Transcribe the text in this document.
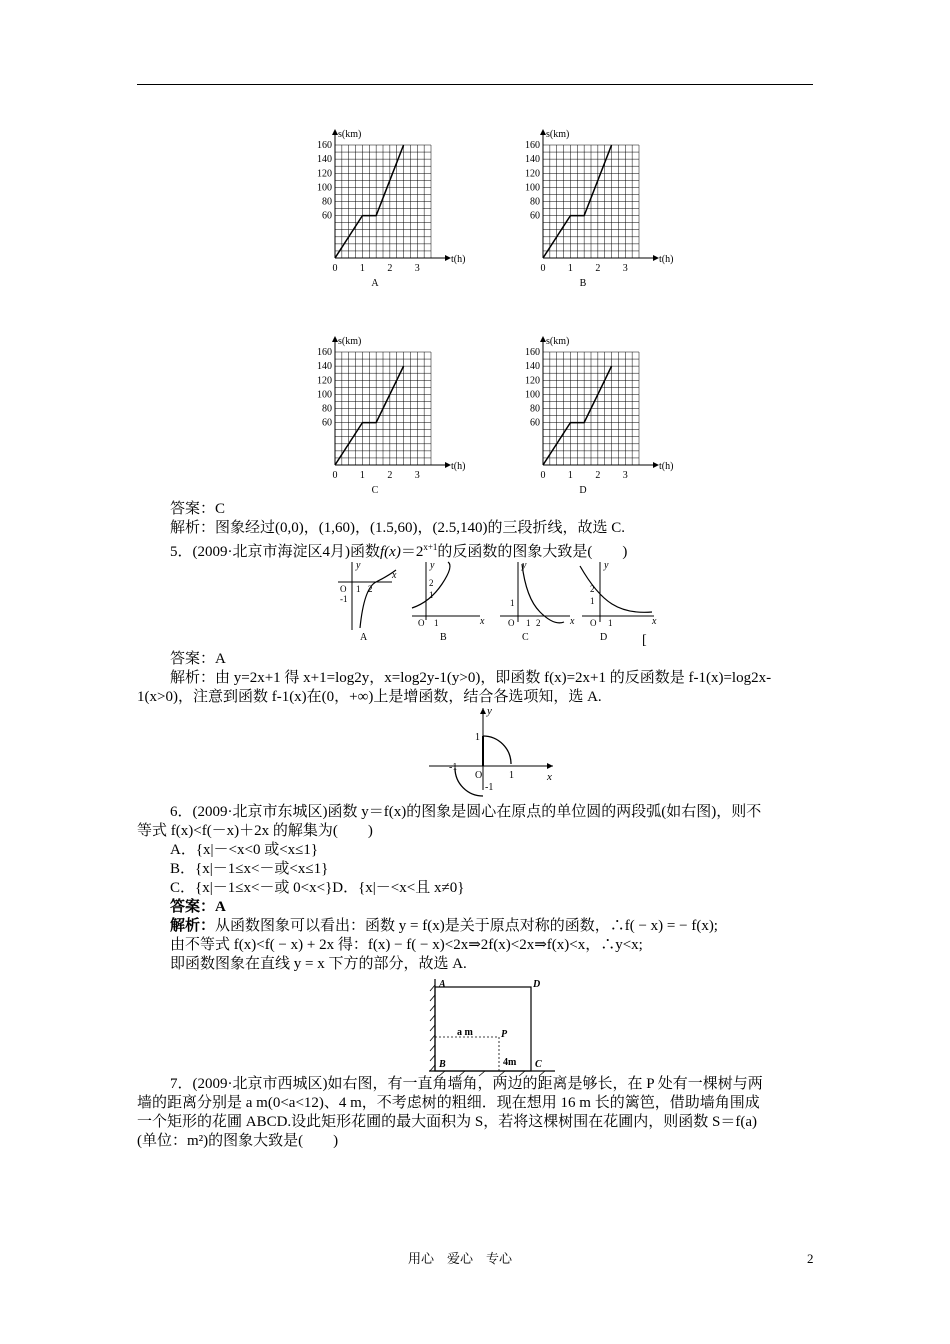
s(km)
t(h)
60
80
100
120
140
160
0 1 2 3
A
s(km)
t(h)
60
80
100
120
140
160
0 1 2 3
B
s(km)
t(h)
60
80
100
120
140
160
0 1 2 3
C
s(km)
t(h)
60
80
100
120
140
160
0 1 2 3
D
答案：C
解析：图象经过(0,0)，(1,60)，(1.5,60)，(2.5,140)的三段折线，故选 C.
5．(2009·北京市海淀区4月)函数$f(x)=2^{x+1}$的反函数的图象大致是(　　)
y
x
O
-1
1 2
A
y
x
2
1
O 1
B
y
x
1
O 1 2
C
y
x
2
1
O 1
D [
答案：A
解析：由 y=2x+1 得 x+1=log2y，x=log2y-1(y>0)，即函数 f(x)=2x+1 的反函数是 f-1(x)=log2x-
1(x>0)，注意到函数 f-1(x)在(0，+∞)上是增函数，结合各选项知，选 A.
y
x
O
1
1
-1
-1
6．(2009·北京市东城区)函数 y＝f(x)的图象是圆心在原点的单位圆的两段弧(如右图)，则不
等式 f(x)<f(－x)＋2x 的解集为(　　)
A．{x|－<x<0 或<x≤1}
B．{x|－1≤x<－或<x≤1}
C．{x|－1≤x<－或 0<x<}D．{x|－<x<且 x≠0}
答案：A
解析：从函数图象可以看出：函数 y = f(x)是关于原点对称的函数，∴f( − x) = − f(x);
由不等式 f(x)<f( − x) + 2x 得：f(x) − f( − x)<2x⇒2f(x)<2x⇒f(x)<x，∴y<x;
即函数图象在直线 y = x 下方的部分，故选 A.
A	D
B	C
P
a m
4m
7．(2009·北京市西城区)如右图，有一直角墙角，两边的距离是够长，在 P 处有一棵树与两
墙的距离分别是 a m(0<a<12)、4 m，不考虑树的粗细．现在想用 16 m 长的篱笆，借助墙角围成
一个矩形的花圃 ABCD.设此矩形花圃的最大面积为 S，若将这棵树围在花圃内，则函数 S＝f(a)
(单位：m²)的图象大致是(　　)
用心　爱心　专心	2
